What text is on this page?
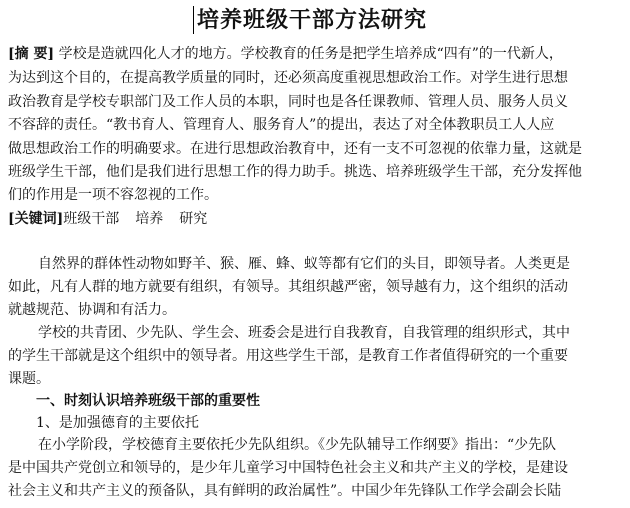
培养班级干部方法研究
[摘 要] 学校是造就四化人才的地方。学校教育的任务是把学生培养成“四有”的一代新人，
为达到这个目的，在提高教学质量的同时，还必须高度重视思想政治工作。对学生进行思想
政治教育是学校专职部门及工作人员的本职，同时也是各任课教师、管理人员、服务人员义
不容辞的责任。“教书育人、管理育人、服务育人”的提出，表达了对全体教职员工人人应
做思想政治工作的明确要求。在进行思想政治教育中，还有一支不可忽视的依靠力量，这就是
班级学生干部，他们是我们进行思想工作的得力助手。挑选、培养班级学生干部，充分发挥他
们的作用是一项不容忽视的工作。
[关键词]班级干部 培养 研究
自然界的群体性动物如野羊、猴、雁、蜂、蚁等都有它们的头目，即领导者。人类更是
如此，凡有人群的地方就要有组织，有领导。其组织越严密，领导越有力，这个组织的活动
就越规范、协调和有活力。
学校的共青团、少先队、学生会、班委会是进行自我教育，自我管理的组织形式，其中
的学生干部就是这个组织中的领导者。用这些学生干部，是教育工作者值得研究的一个重要
课题。
一、时刻认识培养班级干部的重要性
1、是加强德育的主要依托
在小学阶段，学校德育主要依托少先队组织。《少先队辅导工作纲要》指出：“少先队
是中国共产党创立和领导的，是少年儿童学习中国特色社会主义和共产主义的学校，是建设
社会主义和共产主义的预备队，具有鲜明的政治属性”。中国少年先锋队工作学会副会长陆
